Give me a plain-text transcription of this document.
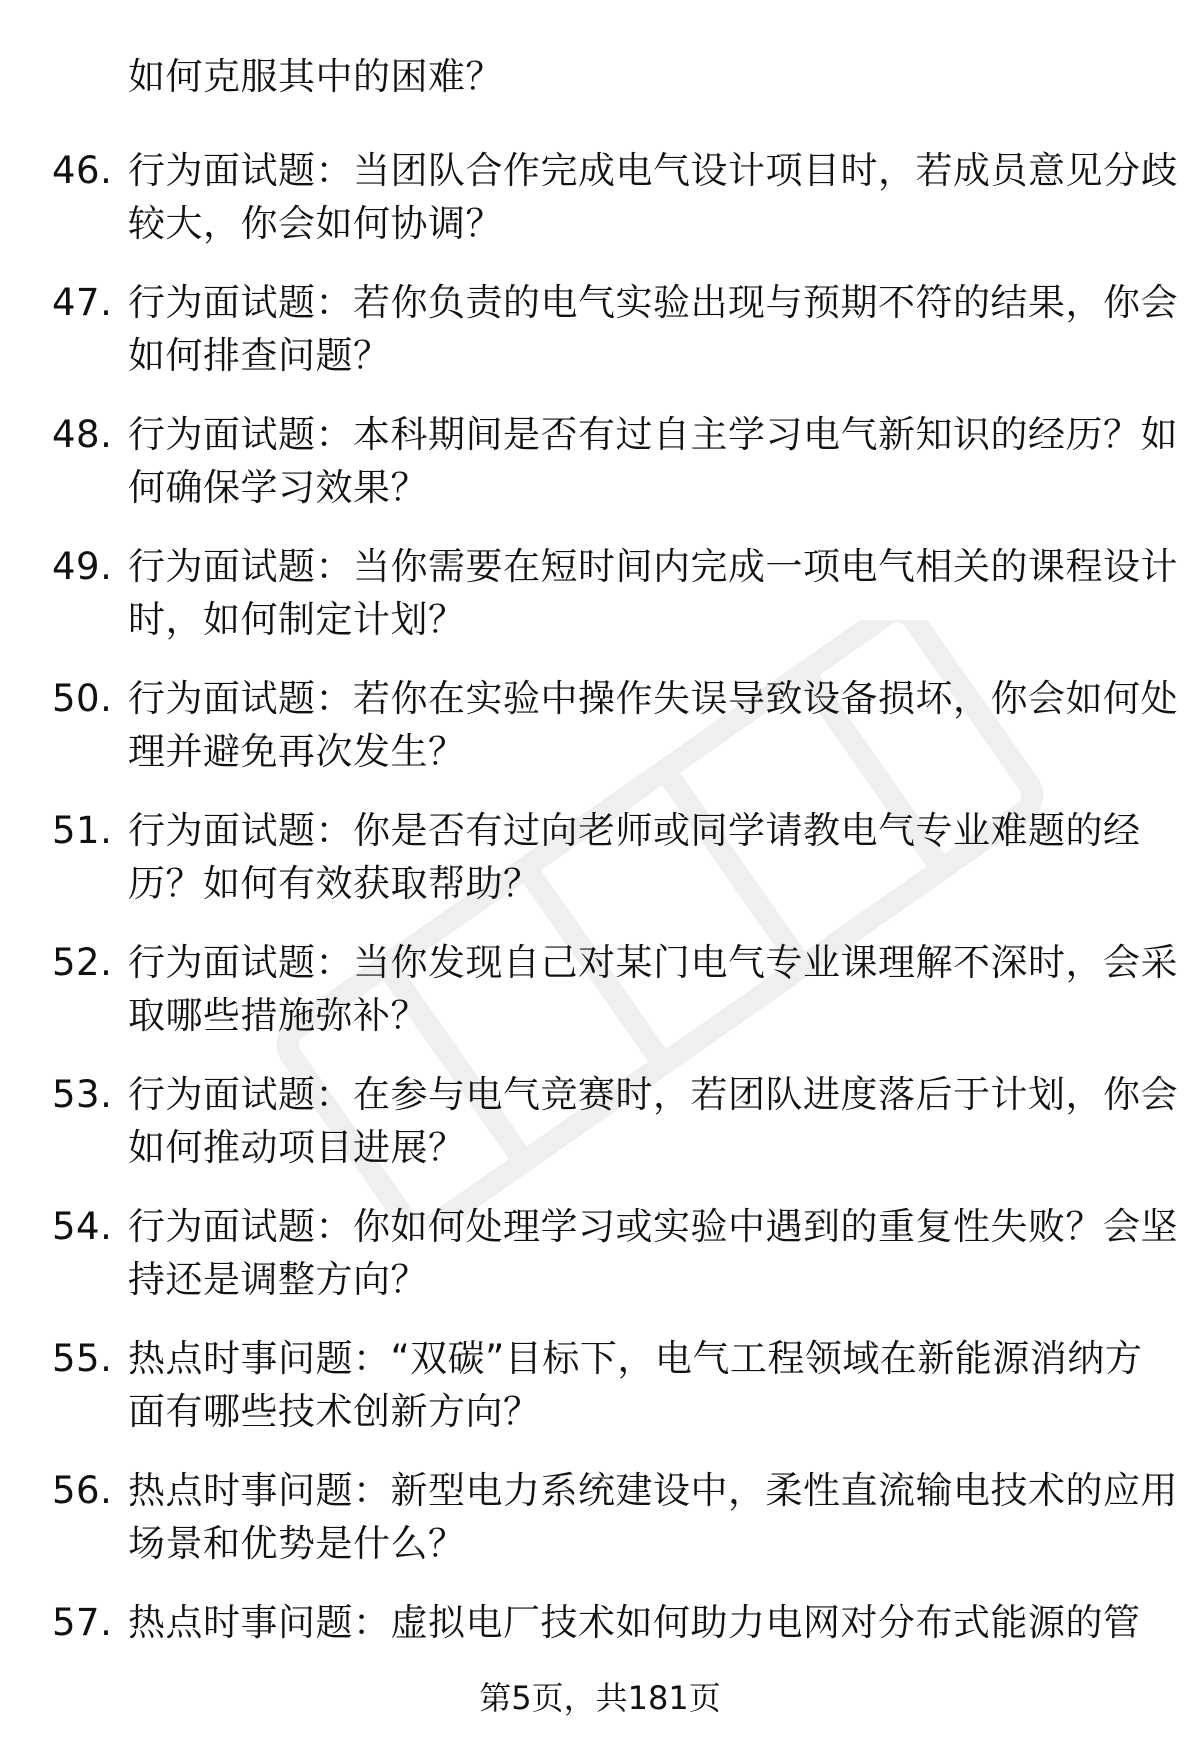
如何克服其中的困难？
46. 行为面试题：当团队合作完成电气设计项目时，若成员意见分歧
较大，你会如何协调？
47. 行为面试题：若你负责的电气实验出现与预期不符的结果，你会
如何排查问题？
48. 行为面试题：本科期间是否有过自主学习电气新知识的经历？如
何确保学习效果？
49. 行为面试题：当你需要在短时间内完成一项电气相关的课程设计
时，如何制定计划？
50. 行为面试题：若你在实验中操作失误导致设备损坏，你会如何处
理并避免再次发生？
51. 行为面试题：你是否有过向老师或同学请教电气专业难题的经
历？如何有效获取帮助？
52. 行为面试题：当你发现自己对某门电气专业课理解不深时，会采
取哪些措施弥补？
53. 行为面试题：在参与电气竞赛时，若团队进度落后于计划，你会
如何推动项目进展？
54. 行为面试题：你如何处理学习或实验中遇到的重复性失败？会坚
持还是调整方向？
55. 热点时事问题：“双碳”目标下，电气工程领域在新能源消纳方
面有哪些技术创新方向？
56. 热点时事问题：新型电力系统建设中，柔性直流输电技术的应用
场景和优势是什么？
57. 热点时事问题：虚拟电厂技术如何助力电网对分布式能源的管
第5页，共181页
